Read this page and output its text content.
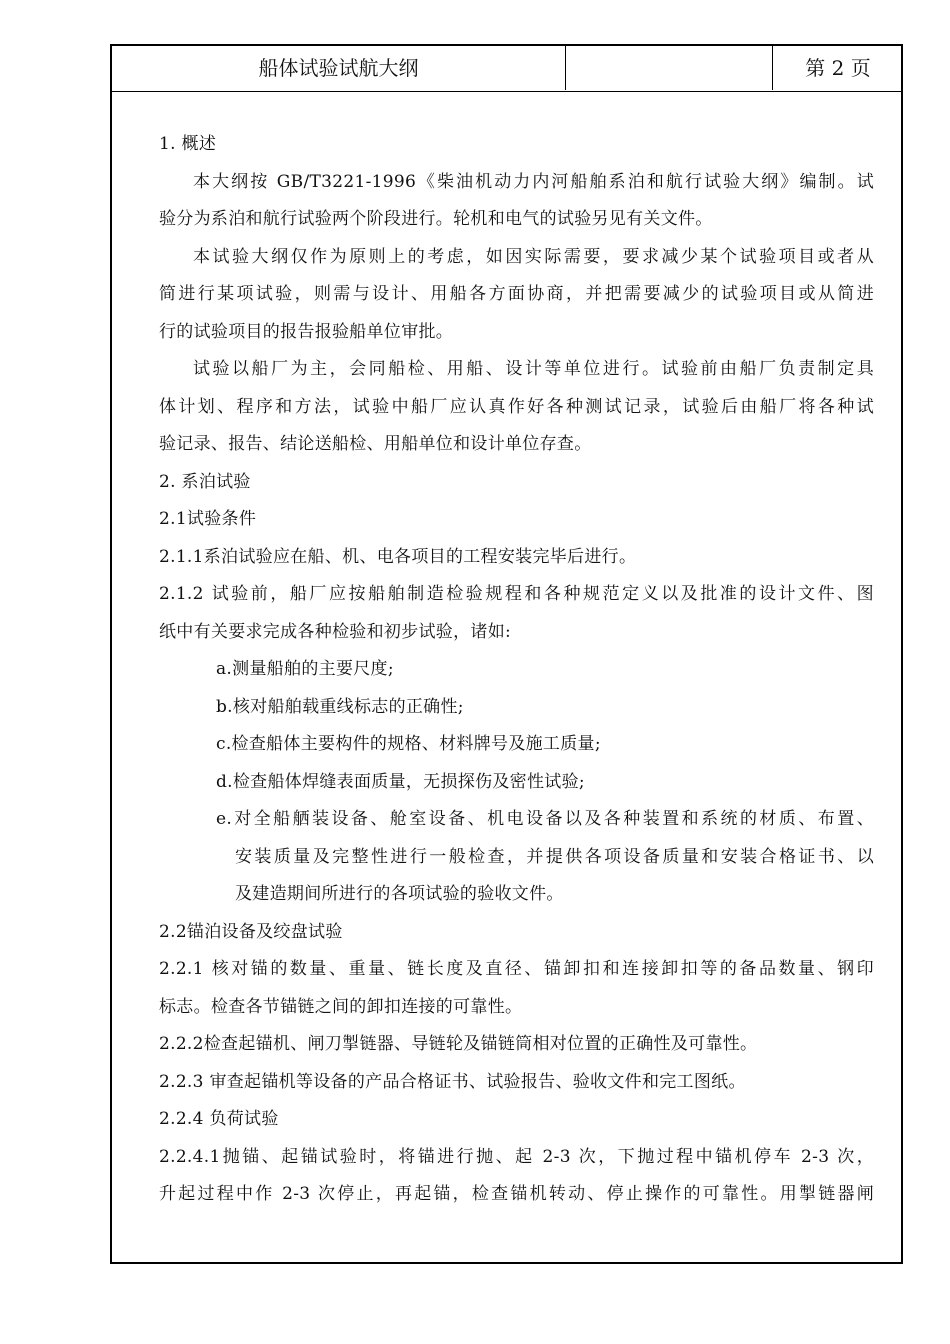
船体试验试航大纲	第 2 页
1. 概述
本大纲按 GB/T3221-1996《柴油机动力内河船舶系泊和航行试验大纲》编制。试
验分为系泊和航行试验两个阶段进行。轮机和电气的试验另见有关文件。
本试验大纲仅作为原则上的考虑，如因实际需要，要求减少某个试验项目或者从
简进行某项试验，则需与设计、用船各方面协商，并把需要减少的试验项目或从简进
行的试验项目的报告报验船单位审批。
试验以船厂为主，会同船检、用船、设计等单位进行。试验前由船厂负责制定具
体计划、程序和方法，试验中船厂应认真作好各种测试记录，试验后由船厂将各种试
验记录、报告、结论送船检、用船单位和设计单位存查。
2. 系泊试验
2.1试验条件
2.1.1系泊试验应在船、机、电各项目的工程安装完毕后进行。
2.1.2 试验前，船厂应按船舶制造检验规程和各种规范定义以及批准的设计文件、图
纸中有关要求完成各种检验和初步试验，诸如:
a.测量船舶的主要尺度;
b.核对船舶载重线标志的正确性;
c.检查船体主要构件的规格、材料牌号及施工质量;
d.检查船体焊缝表面质量，无损探伤及密性试验;
e.对全船舾装设备、舱室设备、机电设备以及各种装置和系统的材质、布置、
安装质量及完整性进行一般检查，并提供各项设备质量和安装合格证书、以
及建造期间所进行的各项试验的验收文件。
2.2锚泊设备及绞盘试验
2.2.1 核对锚的数量、重量、链长度及直径、锚卸扣和连接卸扣等的备品数量、钢印
标志。检查各节锚链之间的卸扣连接的可靠性。
2.2.2检查起锚机、闸刀掣链器、导链轮及锚链筒相对位置的正确性及可靠性。
2.2.3 审查起锚机等设备的产品合格证书、试验报告、验收文件和完工图纸。
2.2.4 负荷试验
2.2.4.1抛锚、起锚试验时，将锚进行抛、起 2-3 次，下抛过程中锚机停车 2-3 次，
升起过程中作 2-3 次停止，再起锚，检查锚机转动、停止操作的可靠性。用掣链器闸
